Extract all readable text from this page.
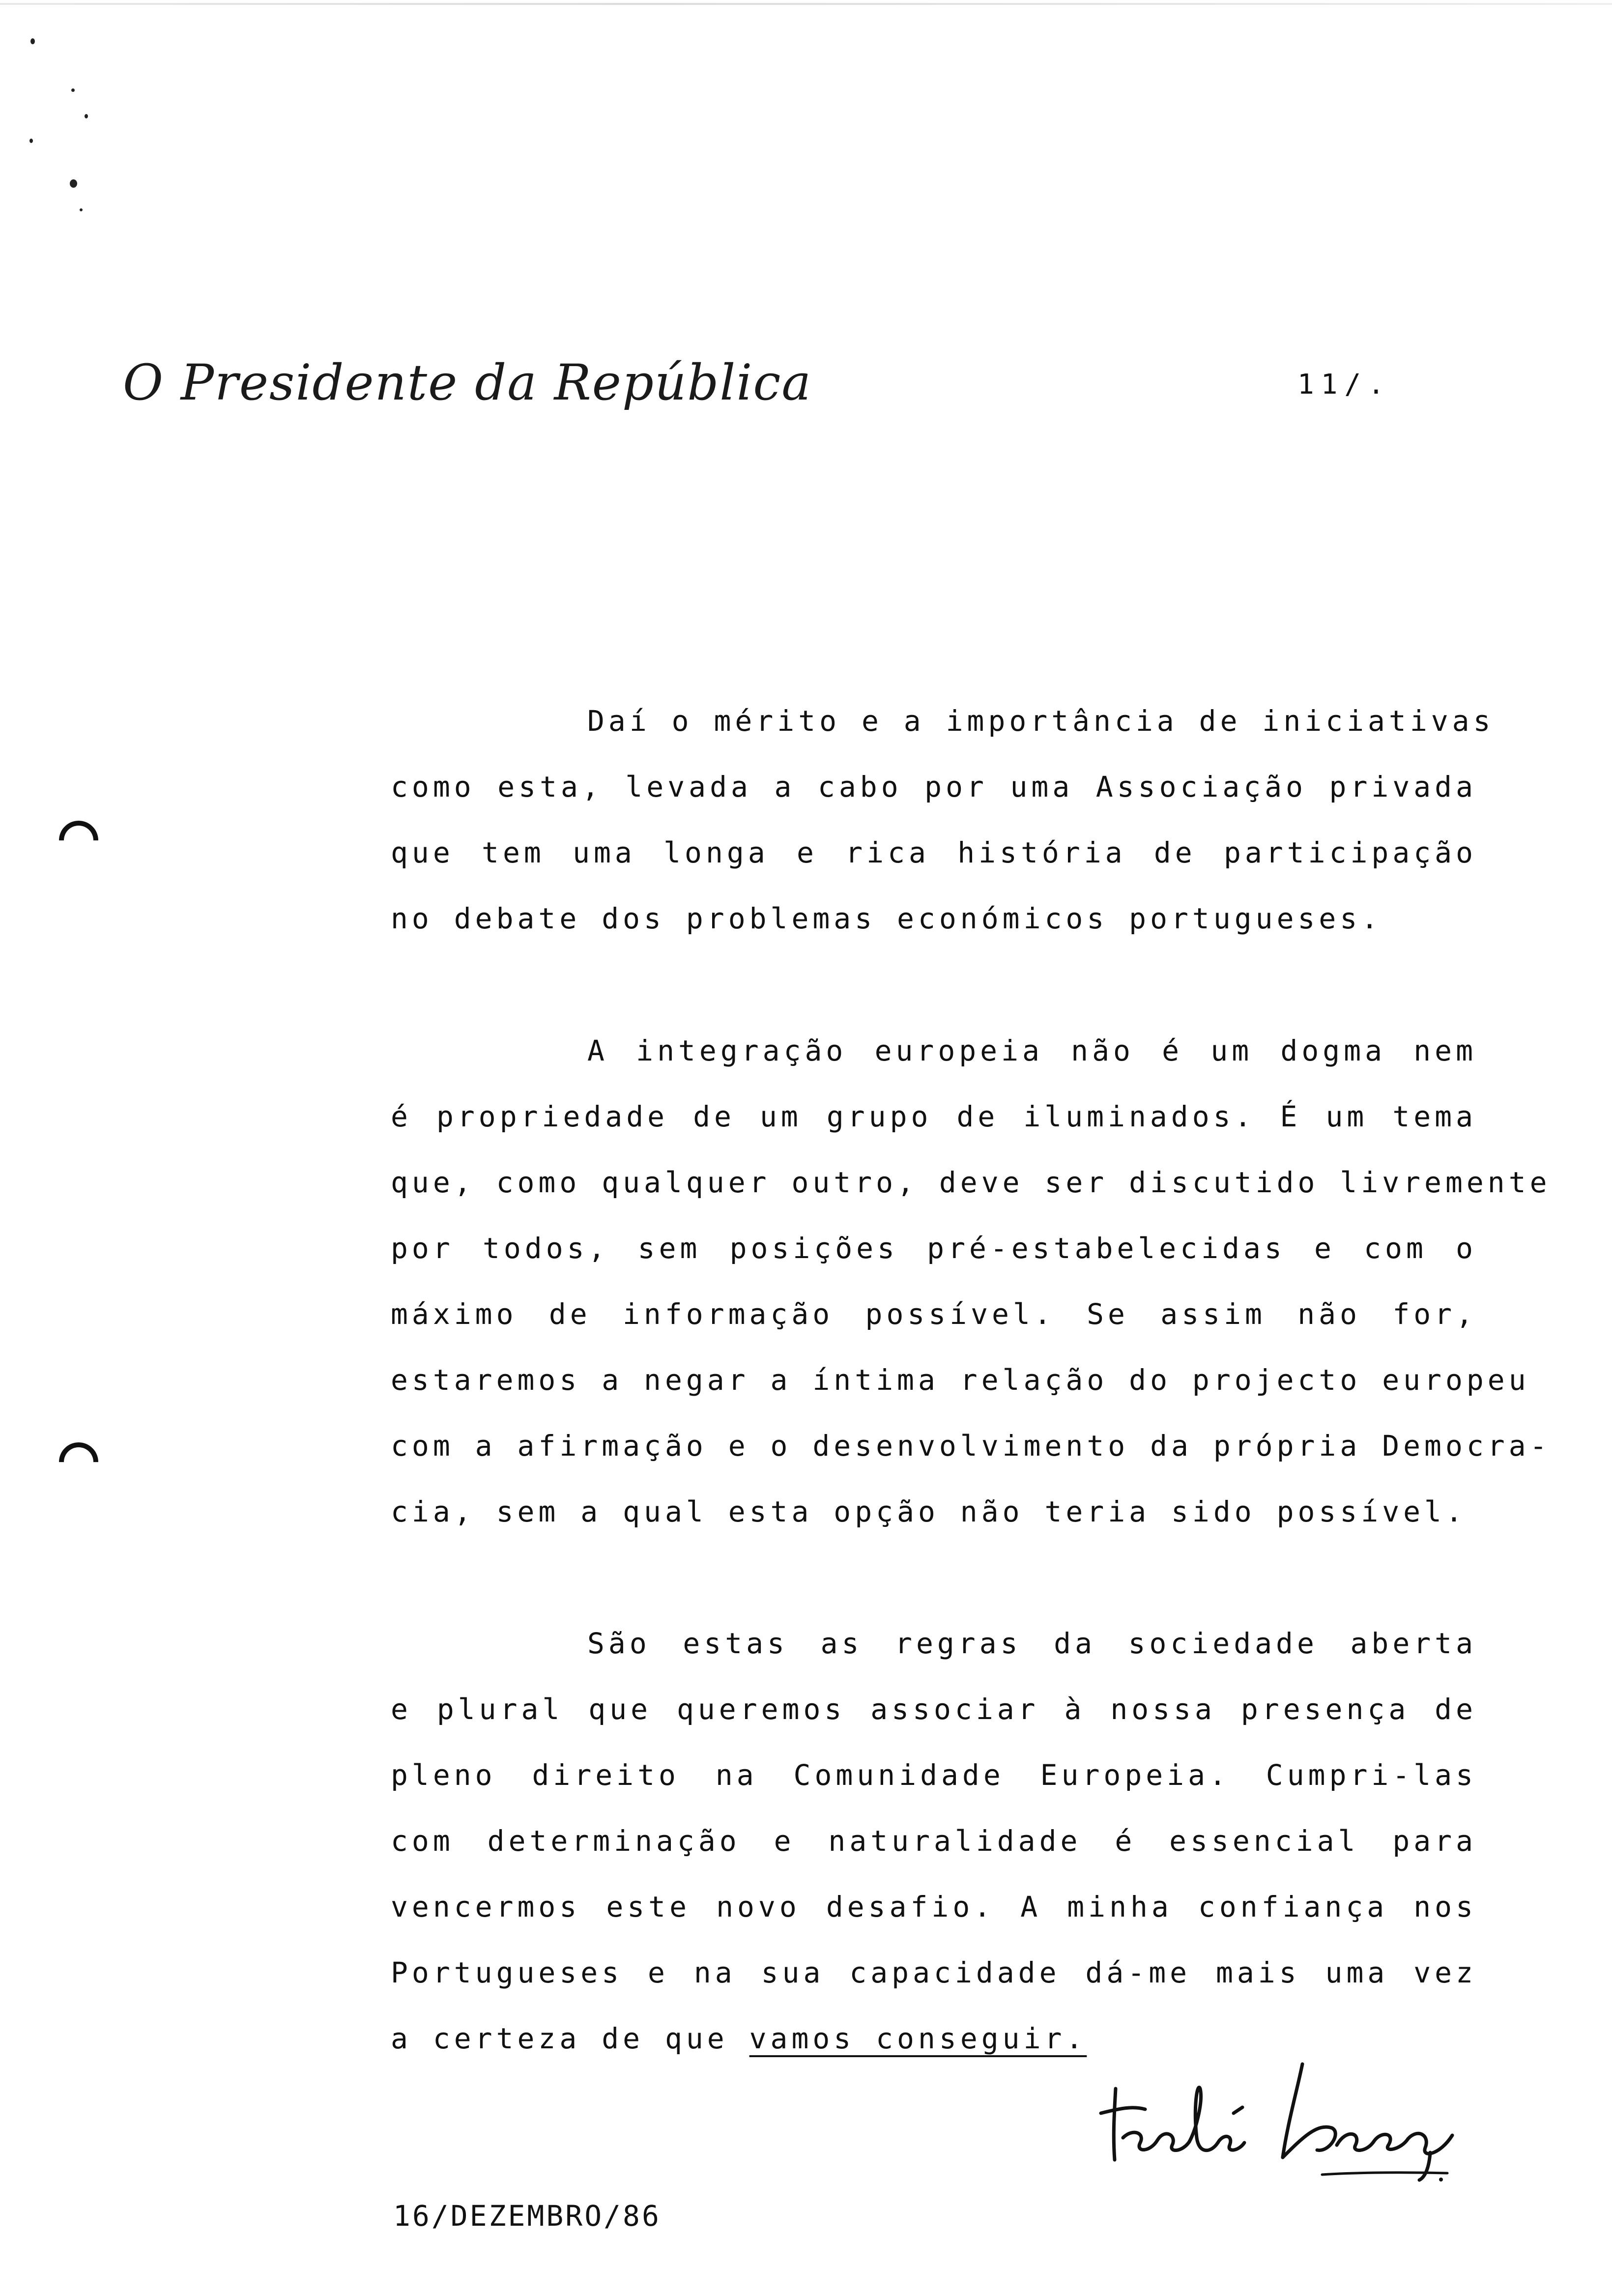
O Presidente da República	11/.
Daí o mérito e a importância de iniciativas
como esta, levada a cabo por uma Associação privada
que tem uma longa e rica história de participação
no debate dos problemas económicos portugueses.
A integração europeia não é um dogma nem
é propriedade de um grupo de iluminados. É um tema
que, como qualquer outro, deve ser discutido livremente
por todos, sem posições pré-estabelecidas e com o
máximo de informação possível. Se assim não for,
estaremos a negar a íntima relação do projecto europeu
com a afirmação e o desenvolvimento da própria Democra-
cia, sem a qual esta opção não teria sido possível.
São estas as regras da sociedade aberta
e plural que queremos associar à nossa presença de
pleno direito na Comunidade Europeia. Cumpri-las
com determinação e naturalidade é essencial para
vencermos este novo desafio. A minha confiança nos
Portugueses e na sua capacidade dá-me mais uma vez
a certeza de que vamos conseguir.
16/DEZEMBRO/86
